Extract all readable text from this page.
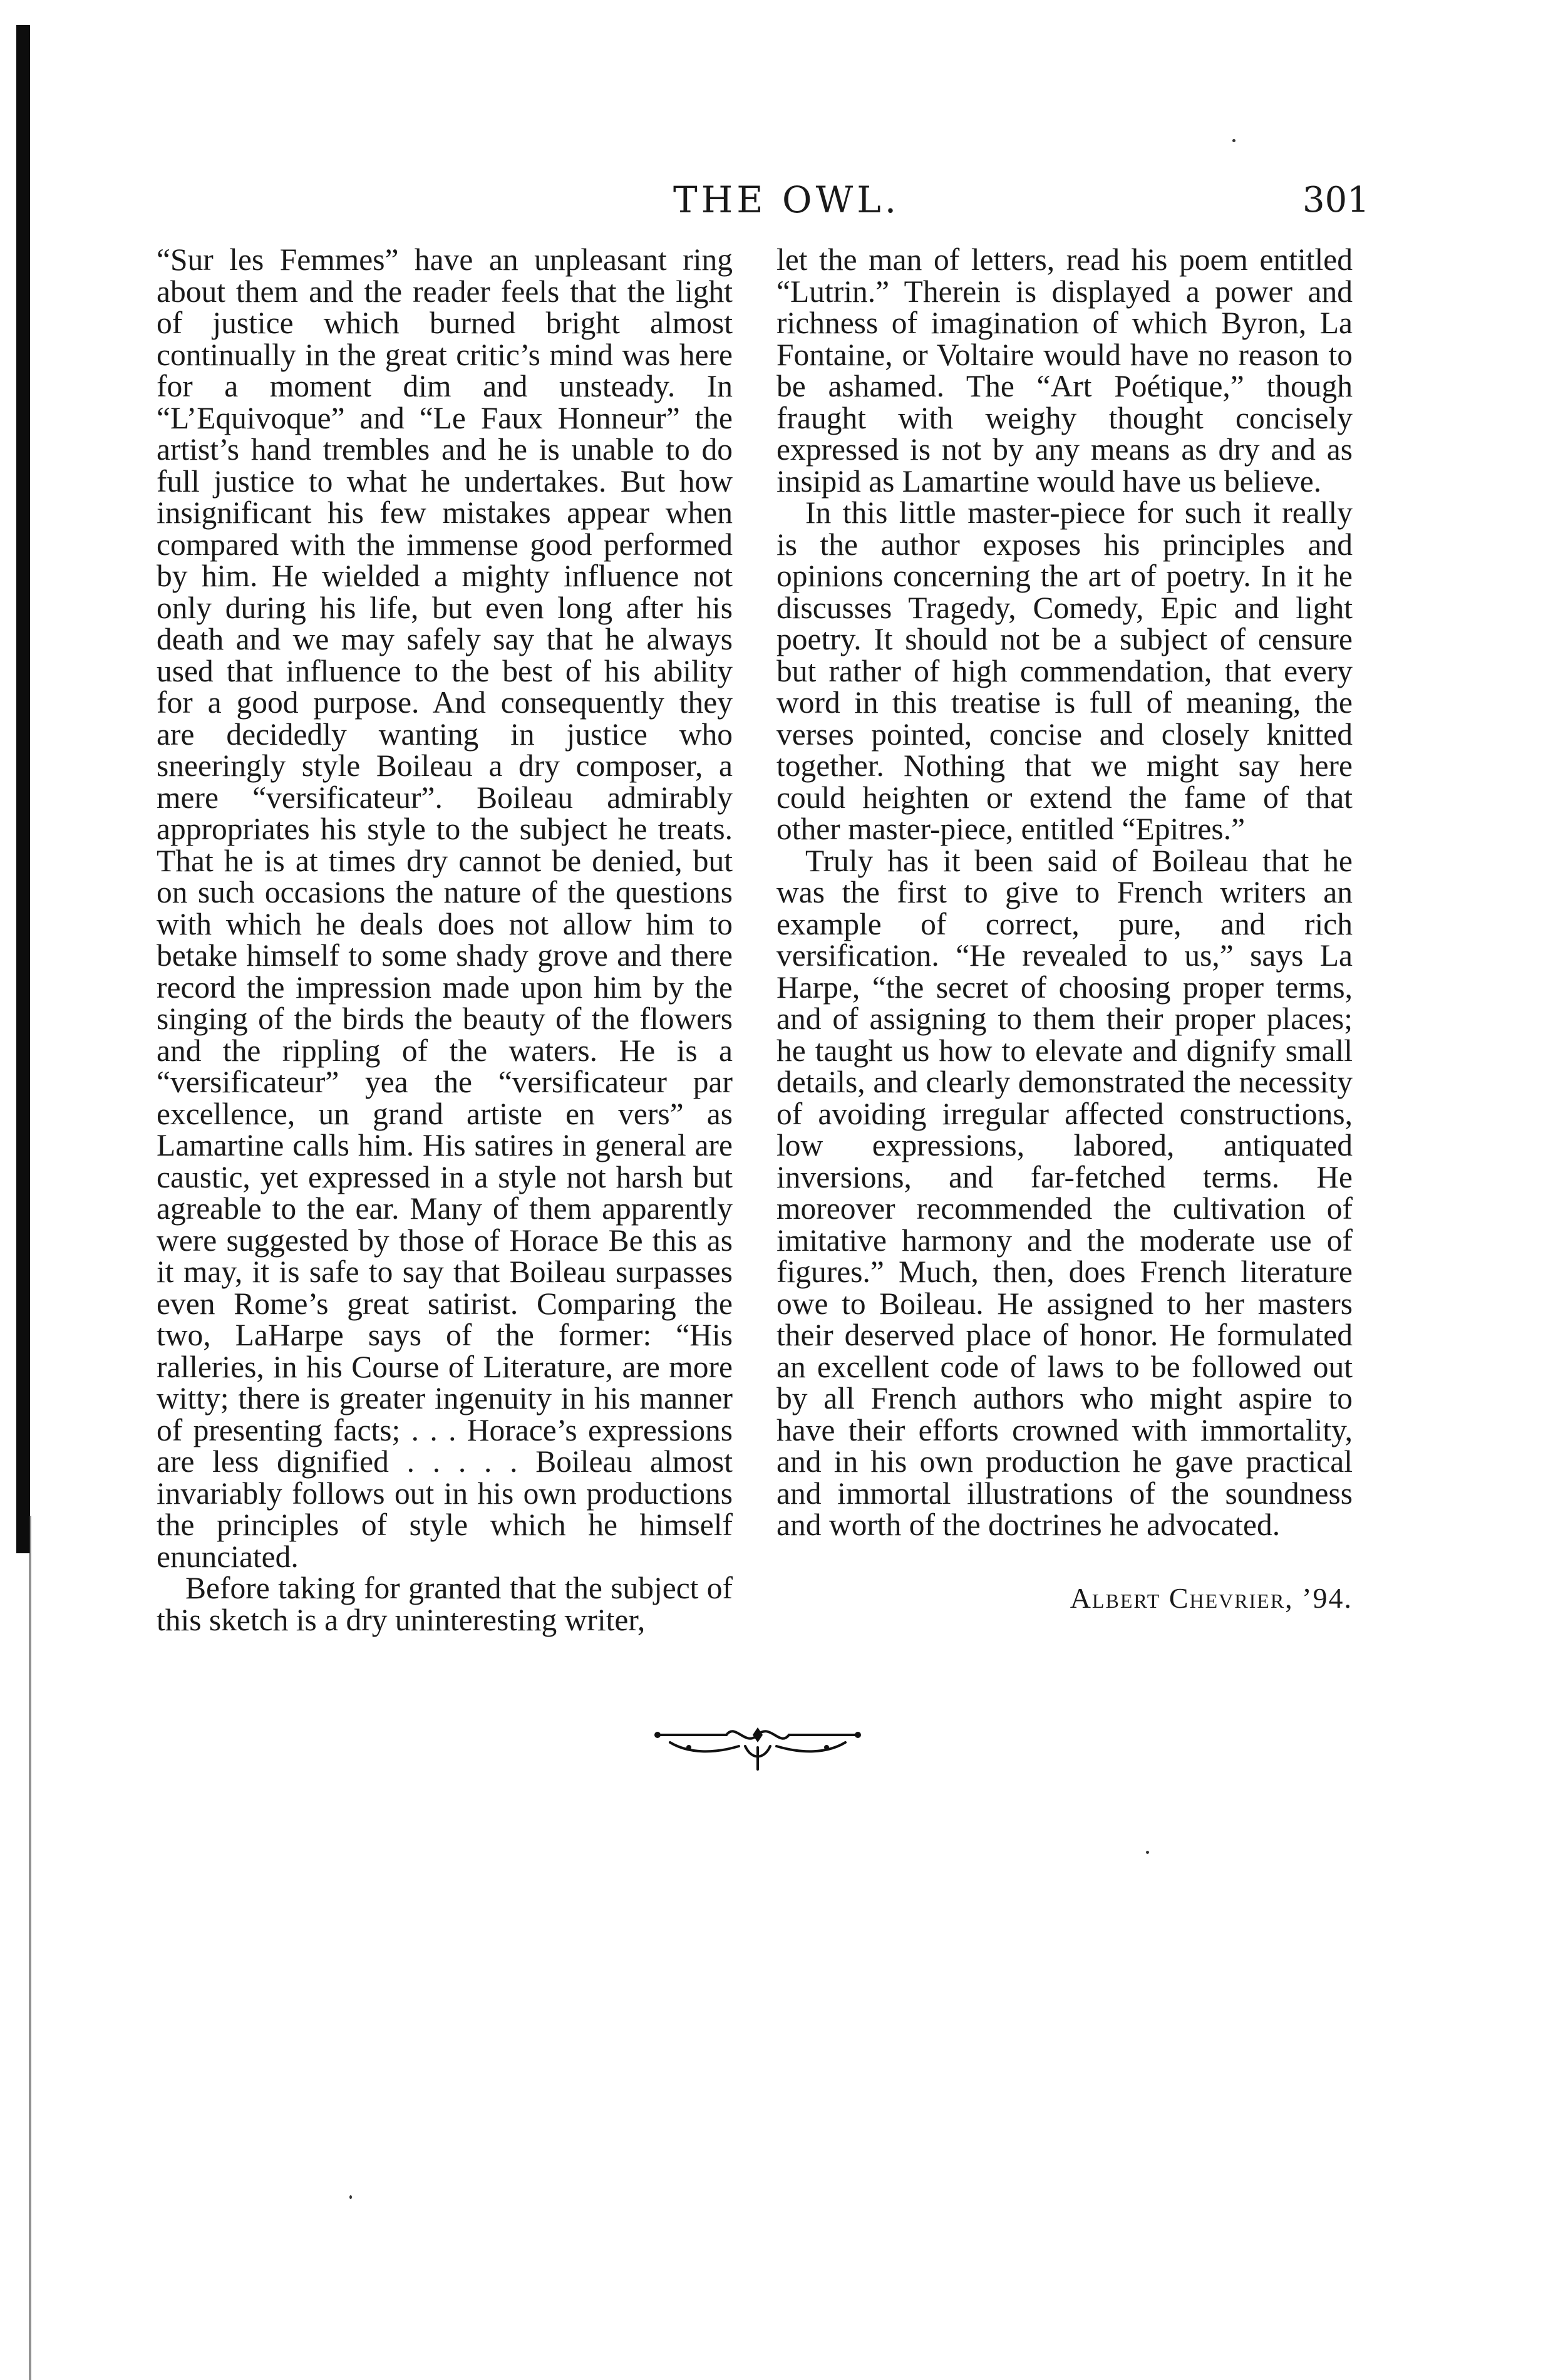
THE OWL.	301

“Sur les Femmes” have an unpleasant ring about them and the reader feels that the light of justice which burned bright almost continually in the great critic’s mind was here for a moment dim and unsteady. In “L’Equivoque” and “Le Faux Honneur” the artist’s hand trembles and he is unable to do full justice to what he undertakes. But how insignificant his few mistakes appear when compared with the immense good performed by him. He wielded a mighty influence not only during his life, but even long after his death and we may safely say that he always used that influence to the best of his ability for a good purpose. And consequently they are decidedly wanting in justice who sneeringly style Boileau a dry composer, a mere “versificateur”. Boileau admirably appropriates his style to the subject he treats. That he is at times dry cannot be denied, but on such occasions the nature of the questions with which he deals does not allow him to betake himself to some shady grove and there record the impression made upon him by the singing of the birds the beauty of the flowers and the rippling of the waters. He is a “versificateur” yea the “versificateur par excellence, un grand artiste en vers” as Lamartine calls him. His satires in general are caustic, yet expressed in a style not harsh but agreable to the ear. Many of them apparently were suggested by those of Horace Be this as it may, it is safe to say that Boileau surpasses even Rome’s great satirist. Comparing the two, LaHarpe says of the former: “His ralleries, in his Course of Literature, are more witty; there is greater ingenuity in his manner of presenting facts; . . . Horace’s expressions are less dignified . . . . . Boileau almost invariably follows out in his own productions the principles of style which he himself enunciated.

Before taking for granted that the subject of this sketch is a dry uninteresting writer,

let the man of letters, read his poem entitled “Lutrin.” Therein is displayed a power and richness of imagination of which Byron, La Fontaine, or Voltaire would have no reason to be ashamed. The “Art Poétique,” though fraught with weighy thought concisely expressed is not by any means as dry and as insipid as Lamartine would have us believe.

In this little master-piece for such it really is the author exposes his principles and opinions concerning the art of poetry. In it he discusses Tragedy, Comedy, Epic and light poetry. It should not be a subject of censure but rather of high commendation, that every word in this treatise is full of meaning, the verses pointed, concise and closely knitted together. Nothing that we might say here could heighten or extend the fame of that other master-piece, entitled “Epitres.”

Truly has it been said of Boileau that he was the first to give to French writers an example of correct, pure, and rich versification. “He revealed to us,” says La Harpe, “the secret of choosing proper terms, and of assigning to them their proper places; he taught us how to elevate and dignify small details, and clearly demonstrated the necessity of avoiding irregular affected constructions, low expressions, labored, antiquated inversions, and far-fetched terms. He moreover recommended the cultivation of imitative harmony and the moderate use of figures.” Much, then, does French literature owe to Boileau. He assigned to her masters their deserved place of honor. He formulated an excellent code of laws to be followed out by all French authors who might aspire to have their efforts crowned with immortality, and in his own production he gave practical and immortal illustrations of the soundness and worth of the doctrines he advocated.

Albert Chevrier, ’94.
